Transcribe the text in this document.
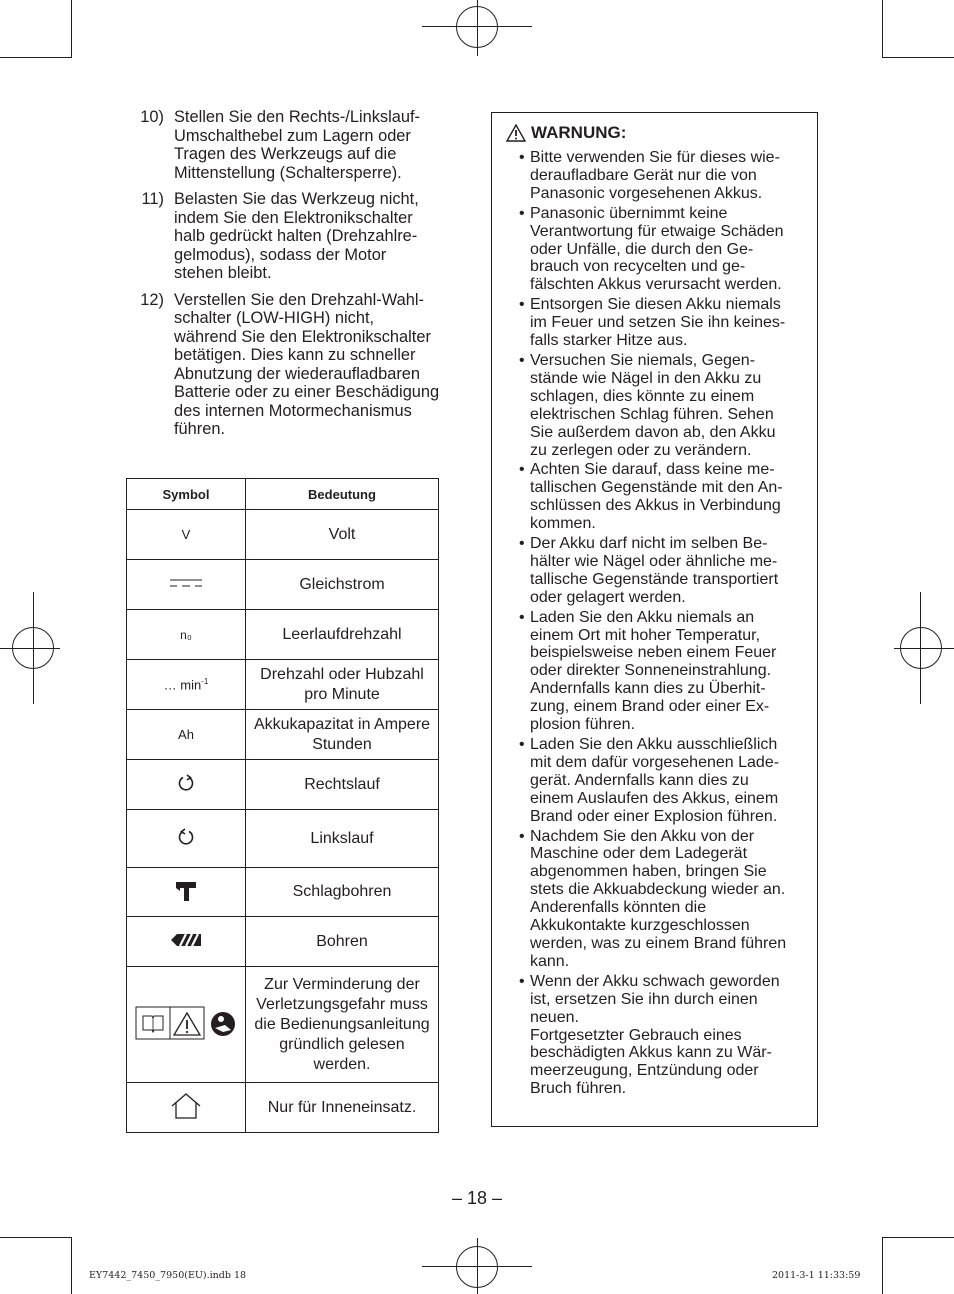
10) Stellen Sie den Rechts-/Linkslauf-
Umschalthebel zum Lagern oder
Tragen des Werkzeugs auf die
Mittenstellung (Schaltersperre).
11) Belasten Sie das Werkzeug nicht,
indem Sie den Elektronikschalter
halb gedrückt halten (Drehzahlre-
gelmodus), sodass der Motor
stehen bleibt.
12) Verstellen Sie den Drehzahl-Wahl-
schalter (LOW-HIGH) nicht,
während Sie den Elektronikschalter
betätigen. Dies kann zu schneller
Abnutzung der wiederaufladbaren
Batterie oder zu einer Beschädigung
des internen Motormechanismus
führen.
Symbol	Bedeutung
V	Volt
	Gleichstrom
n₀	Leerlaufdrehzahl
… $\min^{-1}$	Drehzahl oder Hubzahl
pro Minute
Ah	Akkukapazitat in Ampere
Stunden
	Rechtslauf
	Linkslauf
	Schlagbohren
	Bohren
	Zur Verminderung der
Verletzungsgefahr muss
die Bedienungsanleitung
gründlich gelesen
werden.
	Nur für Inneneinsatz.
WARNUNG:
• Bitte verwenden Sie für dieses wie-
deraufladbare Gerät nur die von
Panasonic vorgesehenen Akkus.
• Panasonic übernimmt keine
Verantwortung für etwaige Schäden
oder Unfälle, die durch den Ge-
brauch von recycelten und ge-
fälschten Akkus verursacht werden.
• Entsorgen Sie diesen Akku niemals
im Feuer und setzen Sie ihn keines-
falls starker Hitze aus.
• Versuchen Sie niemals, Gegen-
stände wie Nägel in den Akku zu
schlagen, dies könnte zu einem
elektrischen Schlag führen. Sehen
Sie außerdem davon ab, den Akku
zu zerlegen oder zu verändern.
• Achten Sie darauf, dass keine me-
tallischen Gegenstände mit den An-
schlüssen des Akkus in Verbindung
kommen.
• Der Akku darf nicht im selben Be-
hälter wie Nägel oder ähnliche me-
tallische Gegenstände transportiert
oder gelagert werden.
• Laden Sie den Akku niemals an
einem Ort mit hoher Temperatur,
beispielsweise neben einem Feuer
oder direkter Sonneneinstrahlung.
Andernfalls kann dies zu Überhit-
zung, einem Brand oder einer Ex-
plosion führen.
• Laden Sie den Akku ausschließlich
mit dem dafür vorgesehenen Lade-
gerät. Andernfalls kann dies zu
einem Auslaufen des Akkus, einem
Brand oder einer Explosion führen.
• Nachdem Sie den Akku von der
Maschine oder dem Ladegerät
abgenommen haben, bringen Sie
stets die Akkuabdeckung wieder an.
Anderenfalls könnten die
Akkukontakte kurzgeschlossen
werden, was zu einem Brand führen
kann.
• Wenn der Akku schwach geworden
ist, ersetzen Sie ihn durch einen
neuen.
Fortgesetzter Gebrauch eines
beschädigten Akkus kann zu Wär-
meerzeugung, Entzündung oder
Bruch führen.
– 18 –
EY7442_7450_7950(EU).indb 18	2011-3-1 11:33:59
